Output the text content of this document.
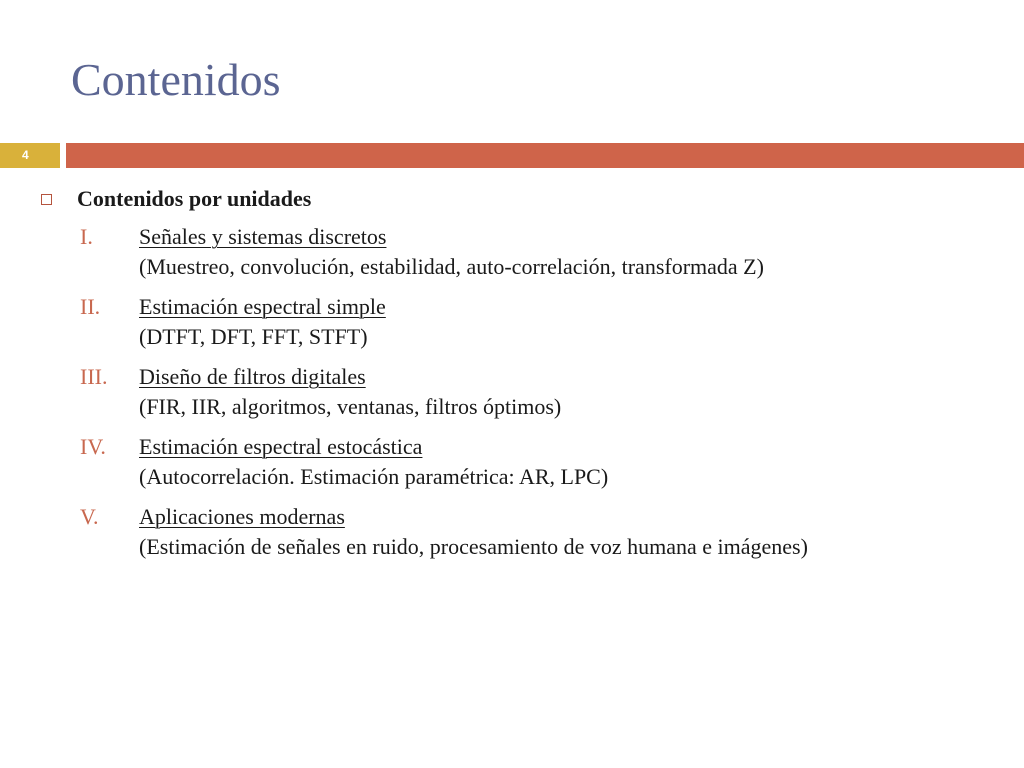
Contenidos
4
Contenidos por unidades
I. Señales y sistemas discretos
(Muestreo, convolución, estabilidad, auto-correlación, transformada Z)
II. Estimación espectral simple
(DTFT, DFT, FFT, STFT)
III. Diseño de filtros digitales
(FIR, IIR, algoritmos, ventanas, filtros óptimos)
IV. Estimación espectral estocástica
(Autocorrelación. Estimación paramétrica: AR, LPC)
V. Aplicaciones modernas
(Estimación de señales en ruido, procesamiento de voz humana e imágenes)
